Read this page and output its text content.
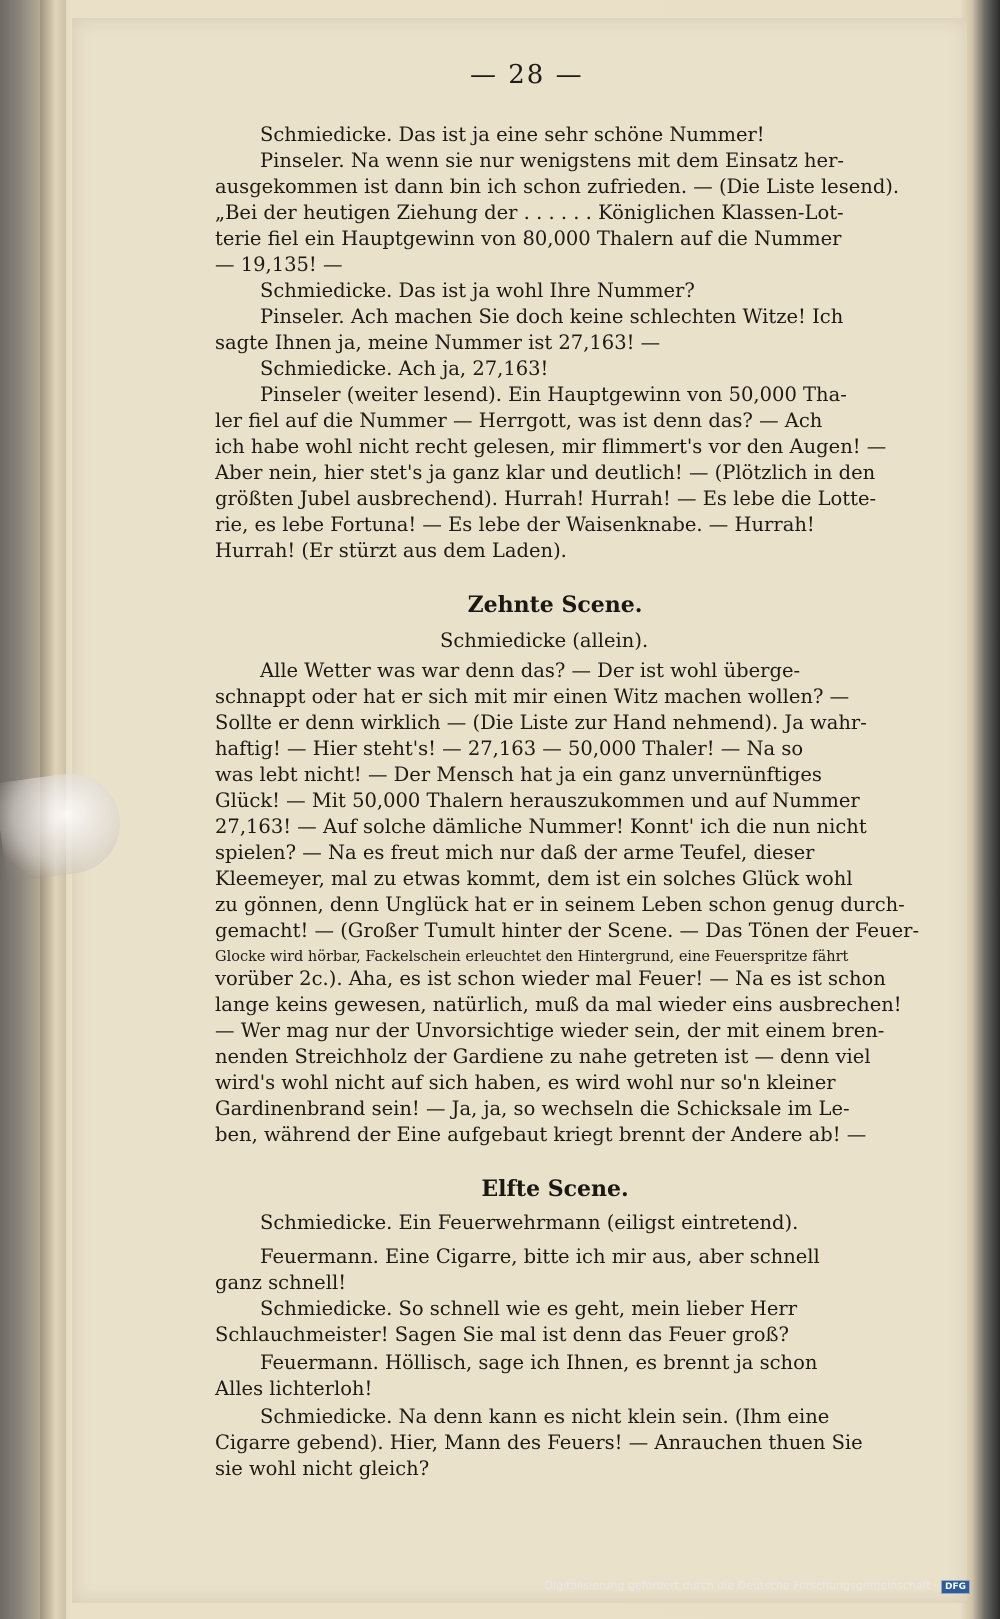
— 28 —
Schmiedicke. Das ist ja eine sehr schöne Nummer!
Pinseler. Na wenn sie nur wenigstens mit dem Einsatz her-
ausgekommen ist dann bin ich schon zufrieden. — (Die Liste lesend).
„Bei der heutigen Ziehung der . . . . . . Königlichen Klassen-Lot-
terie fiel ein Hauptgewinn von 80,000 Thalern auf die Nummer
— 19,135! —
Schmiedicke. Das ist ja wohl Ihre Nummer?
Pinseler. Ach machen Sie doch keine schlechten Witze! Ich
sagte Ihnen ja, meine Nummer ist 27,163! —
Schmiedicke. Ach ja, 27,163!
Pinseler (weiter lesend). Ein Hauptgewinn von 50,000 Tha-
ler fiel auf die Nummer — Herrgott, was ist denn das? — Ach
ich habe wohl nicht recht gelesen, mir flimmert's vor den Augen! —
Aber nein, hier stet's ja ganz klar und deutlich! — (Plötzlich in den
größten Jubel ausbrechend). Hurrah! Hurrah! — Es lebe die Lotte-
rie, es lebe Fortuna! — Es lebe der Waisenknabe. — Hurrah!
Hurrah! (Er stürzt aus dem Laden).
Zehnte Scene.
Schmiedicke (allein).
Alle Wetter was war denn das? — Der ist wohl überge-
schnappt oder hat er sich mit mir einen Witz machen wollen? —
Sollte er denn wirklich — (Die Liste zur Hand nehmend). Ja wahr-
haftig! — Hier steht's! — 27,163 — 50,000 Thaler! — Na so
was lebt nicht! — Der Mensch hat ja ein ganz unvernünftiges
Glück! — Mit 50,000 Thalern herauszukommen und auf Nummer
27,163! — Auf solche dämliche Nummer! Konnt' ich die nun nicht
spielen? — Na es freut mich nur daß der arme Teufel, dieser
Kleemeyer, mal zu etwas kommt, dem ist ein solches Glück wohl
zu gönnen, denn Unglück hat er in seinem Leben schon genug durch-
gemacht! — (Großer Tumult hinter der Scene. — Das Tönen der Feuer-
Glocke wird hörbar, Fackelschein erleuchtet den Hintergrund, eine Feuerspritze fährt
vorüber 2c.). Aha, es ist schon wieder mal Feuer! — Na es ist schon
lange keins gewesen, natürlich, muß da mal wieder eins ausbrechen!
— Wer mag nur der Unvorsichtige wieder sein, der mit einem bren-
nenden Streichholz der Gardiene zu nahe getreten ist — denn viel
wird's wohl nicht auf sich haben, es wird wohl nur so'n kleiner
Gardinenbrand sein! — Ja, ja, so wechseln die Schicksale im Le-
ben, während der Eine aufgebaut kriegt brennt der Andere ab! —
Elfte Scene.
Schmiedicke. Ein Feuerwehrmann (eiligst eintretend).
Feuermann. Eine Cigarre, bitte ich mir aus, aber schnell
ganz schnell!
Schmiedicke. So schnell wie es geht, mein lieber Herr
Schlauchmeister! Sagen Sie mal ist denn das Feuer groß?
Feuermann. Höllisch, sage ich Ihnen, es brennt ja schon
Alles lichterloh!
Schmiedicke. Na denn kann es nicht klein sein. (Ihm eine
Cigarre gebend). Hier, Mann des Feuers! — Anrauchen thuen Sie
sie wohl nicht gleich?
Digitalisierung gefördert durch die Deutsche Forschungsgemeinschaft - DFG
